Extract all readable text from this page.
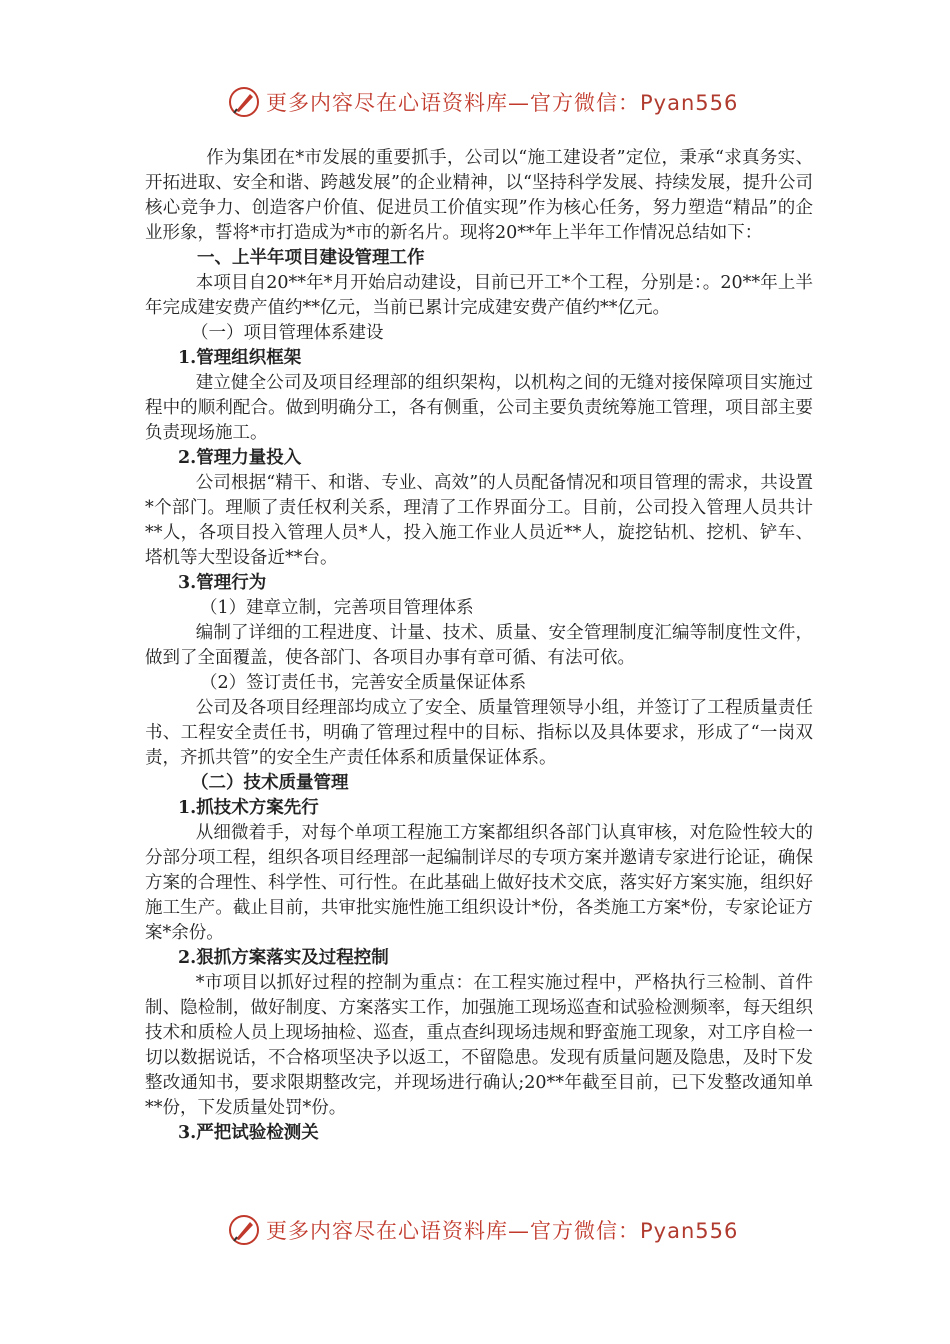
更多内容尽在心语资料库—官方微信：Pyan556

作为集团在*市发展的重要抓手，公司以“施工建设者”定位，秉承“求真务实、开拓进取、安全和谐、跨越发展”的企业精神，以“坚持科学发展、持续发展，提升公司核心竞争力、创造客户价值、促进员工价值实现”作为核心任务，努力塑造“精品”的企业形象，誓将*市打造成为*市的新名片。现将20**年上半年工作情况总结如下：

一、上半年项目建设管理工作

本项目自20**年*月开始启动建设，目前已开工*个工程，分别是：。20**年上半年完成建安费产值约**亿元，当前已累计完成建安费产值约**亿元。

（一）项目管理体系建设

1.管理组织框架

建立健全公司及项目经理部的组织架构，以机构之间的无缝对接保障项目实施过程中的顺利配合。做到明确分工，各有侧重，公司主要负责统筹施工管理，项目部主要负责现场施工。

2.管理力量投入

公司根据“精干、和谐、专业、高效”的人员配备情况和项目管理的需求，共设置*个部门。理顺了责任权利关系，理清了工作界面分工。目前，公司投入管理人员共计**人，各项目投入管理人员*人，投入施工作业人员近**人，旋挖钻机、挖机、铲车、塔机等大型设备近**台。

3.管理行为

（1）建章立制，完善项目管理体系

编制了详细的工程进度、计量、技术、质量、安全管理制度汇编等制度性文件，做到了全面覆盖，使各部门、各项目办事有章可循、有法可依。

（2）签订责任书，完善安全质量保证体系

公司及各项目经理部均成立了安全、质量管理领导小组，并签订了工程质量责任书、工程安全责任书，明确了管理过程中的目标、指标以及具体要求，形成了“一岗双责，齐抓共管”的安全生产责任体系和质量保证体系。

（二）技术质量管理

1.抓技术方案先行

从细微着手，对每个单项工程施工方案都组织各部门认真审核，对危险性较大的分部分项工程，组织各项目经理部一起编制详尽的专项方案并邀请专家进行论证，确保方案的合理性、科学性、可行性。在此基础上做好技术交底，落实好方案实施，组织好施工生产。截止目前，共审批实施性施工组织设计*份，各类施工方案*份，专家论证方案*余份。

2.狠抓方案落实及过程控制

*市项目以抓好过程的控制为重点：在工程实施过程中，严格执行三检制、首件制、隐检制，做好制度、方案落实工作，加强施工现场巡查和试验检测频率，每天组织技术和质检人员上现场抽检、巡查，重点查纠现场违规和野蛮施工现象，对工序自检一切以数据说话，不合格项坚决予以返工，不留隐患。发现有质量问题及隐患，及时下发整改通知书，要求限期整改完，并现场进行确认;20**年截至目前，已下发整改通知单**份，下发质量处罚*份。

3.严把试验检测关

更多内容尽在心语资料库—官方微信：Pyan556
